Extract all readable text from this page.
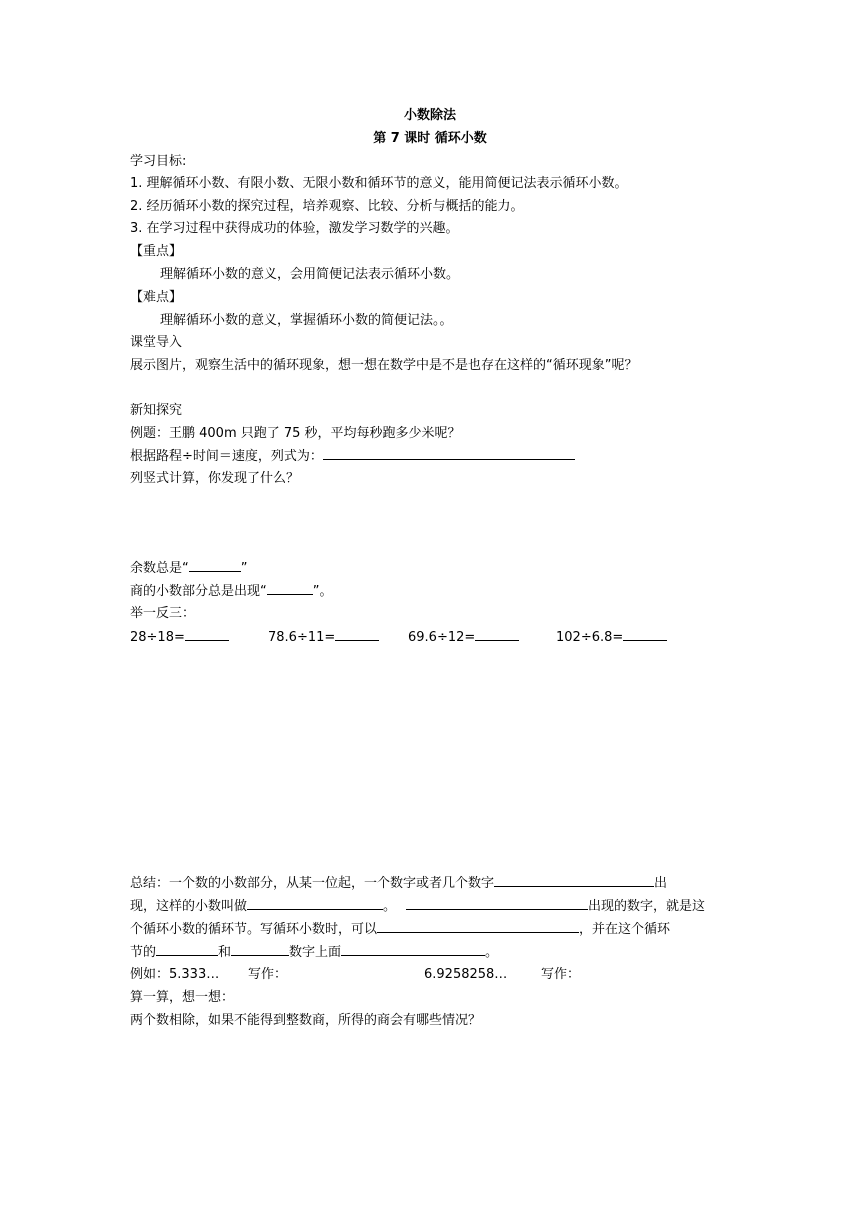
小数除法
第 7 课时 循环小数
学习目标:
1. 理解循环小数、有限小数、无限小数和循环节的意义，能用简便记法表示循环小数。
2. 经历循环小数的探究过程，培养观察、比较、分析与概括的能力。
3. 在学习过程中获得成功的体验，激发学习数学的兴趣。
【重点】
理解循环小数的意义，会用简便记法表示循环小数。
【难点】
理解循环小数的意义，掌握循环小数的简便记法。。
课堂导入
展示图片，观察生活中的循环现象，想一想在数学中是不是也存在这样的“循环现象”呢？
新知探究
例题：王鹏 400m 只跑了 75 秒，平均每秒跑多少米呢？
根据路程÷时间＝速度，列式为：
列竖式计算，你发现了什么？
余数总是“	”
商的小数部分总是出现“	”。
举一反三：
28÷18=	78.6÷11=	69.6÷12=	102÷6.8=
总结：一个数的小数部分，从某一位起，一个数字或者几个数字	出
现，这样的小数叫做	。	出现的数字，就是这
个循环小数的循环节。写循环小数时，可以	，并在这个循环
节的	和	数字上面	。
例如：5.333… 写作：	6.9258258…	写作：
算一算，想一想：
两个数相除，如果不能得到整数商，所得的商会有哪些情况？
